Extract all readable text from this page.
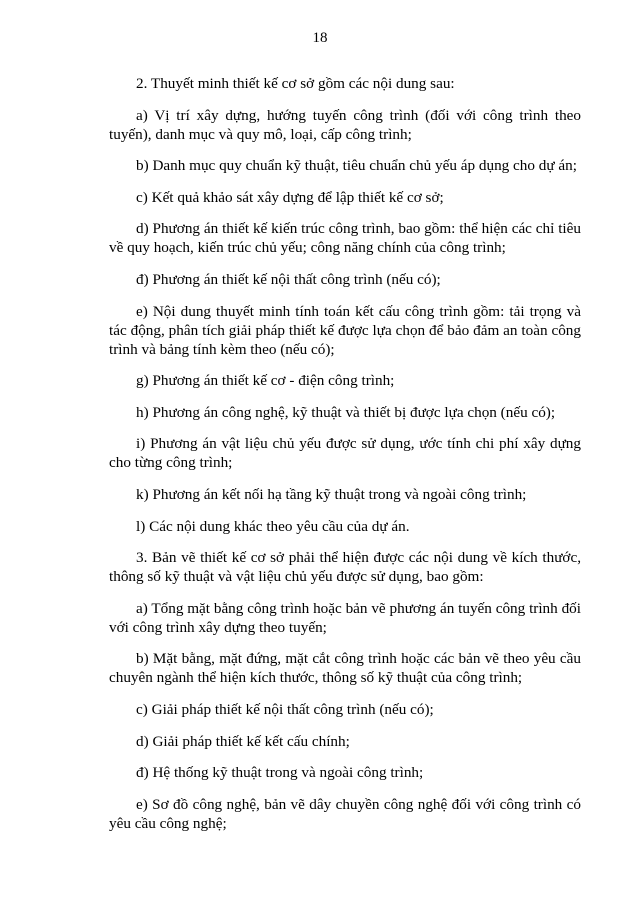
18

2. Thuyết minh thiết kế cơ sở gồm các nội dung sau:

a) Vị trí xây dựng, hướng tuyến công trình (đối với công trình theo tuyến), danh mục và quy mô, loại, cấp công trình;

b) Danh mục quy chuẩn kỹ thuật, tiêu chuẩn chủ yếu áp dụng cho dự án;

c) Kết quả khảo sát xây dựng để lập thiết kế cơ sở;

d) Phương án thiết kế kiến trúc công trình, bao gồm: thể hiện các chỉ tiêu về quy hoạch, kiến trúc chủ yếu; công năng chính của công trình;

đ) Phương án thiết kế nội thất công trình (nếu có);

e) Nội dung thuyết minh tính toán kết cấu công trình gồm: tải trọng và tác động, phân tích giải pháp thiết kế được lựa chọn để bảo đảm an toàn công trình và bảng tính kèm theo (nếu có);

g) Phương án thiết kế cơ - điện công trình;

h) Phương án công nghệ, kỹ thuật và thiết bị được lựa chọn (nếu có);

i) Phương án vật liệu chủ yếu được sử dụng, ước tính chi phí xây dựng cho từng công trình;

k) Phương án kết nối hạ tầng kỹ thuật trong và ngoài công trình;

l) Các nội dung khác theo yêu cầu của dự án.

3. Bản vẽ thiết kế cơ sở phải thể hiện được các nội dung về kích thước, thông số kỹ thuật và vật liệu chủ yếu được sử dụng, bao gồm:

a) Tổng mặt bằng công trình hoặc bản vẽ phương án tuyến công trình đối với công trình xây dựng theo tuyến;

b) Mặt bằng, mặt đứng, mặt cắt công trình hoặc các bản vẽ theo yêu cầu chuyên ngành thể hiện kích thước, thông số kỹ thuật của công trình;

c) Giải pháp thiết kế nội thất công trình (nếu có);

d) Giải pháp thiết kế kết cấu chính;

đ) Hệ thống kỹ thuật trong và ngoài công trình;

e) Sơ đồ công nghệ, bản vẽ dây chuyền công nghệ đối với công trình có yêu cầu công nghệ;
